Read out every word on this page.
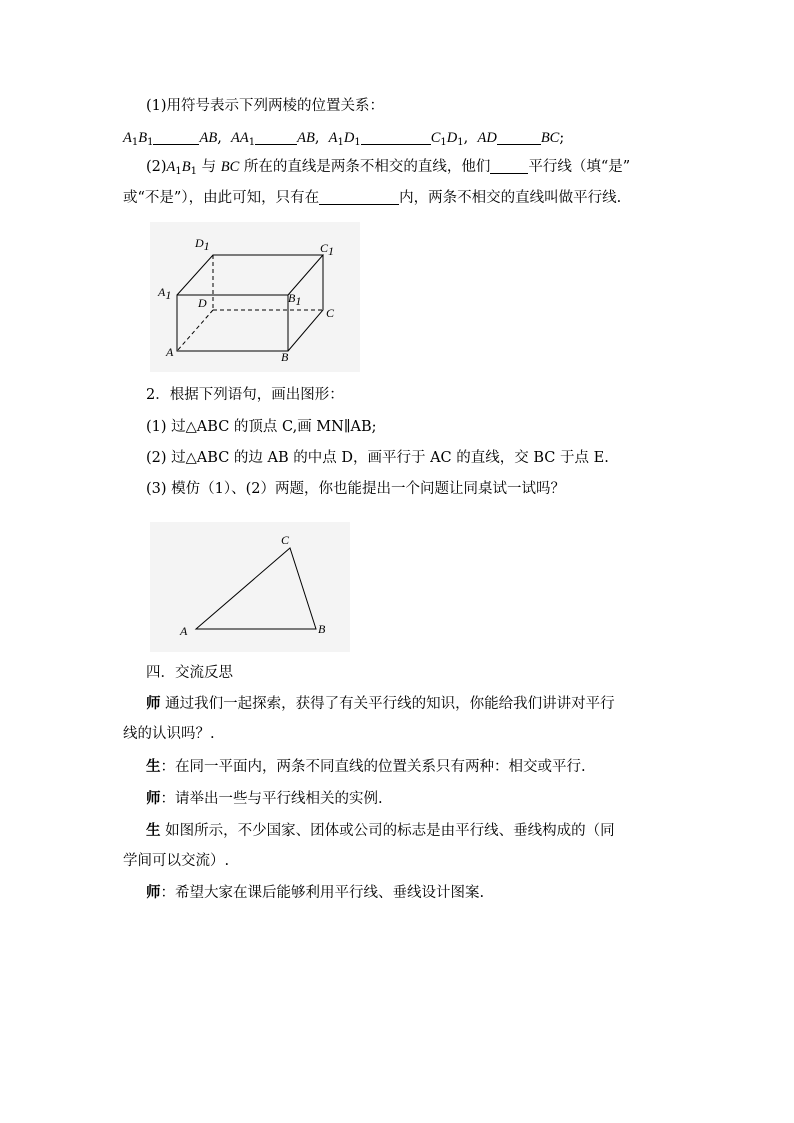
(1)用符号表示下列两棱的位置关系：
$A_1B_1$	AB, $AA_1$	AB, $A_1D_1$	$C_1D_1$, AD	BC;
$(2)A_1B_1$ 与 BC 所在的直线是两条不相交的直线，他们	平行线（填“是”
或“不是”），由此可知，只有在	内，两条不相交的直线叫做平行线.
D1	C1
A1	B1
D
C
A	B
2．根据下列语句，画出图形：
(1) 过△ABC 的顶点 C,画 MN∥AB;
(2) 过△ABC 的边 AB 的中点 D，画平行于 AC 的直线，交 BC 于点 E.
(3) 模仿（1）、(2）两题，你也能提出一个问题让同桌试一试吗？
A	B
C
四．交流反思
师 通过我们一起探索，获得了有关平行线的知识，你能给我们讲讲对平行
线的认识吗？.
生：在同一平面内，两条不同直线的位置关系只有两种：相交或平行.
师：请举出一些与平行线相关的实例.
生 如图所示，不少国家、团体或公司的标志是由平行线、垂线构成的（同
学间可以交流）.
师：希望大家在课后能够利用平行线、垂线设计图案.
